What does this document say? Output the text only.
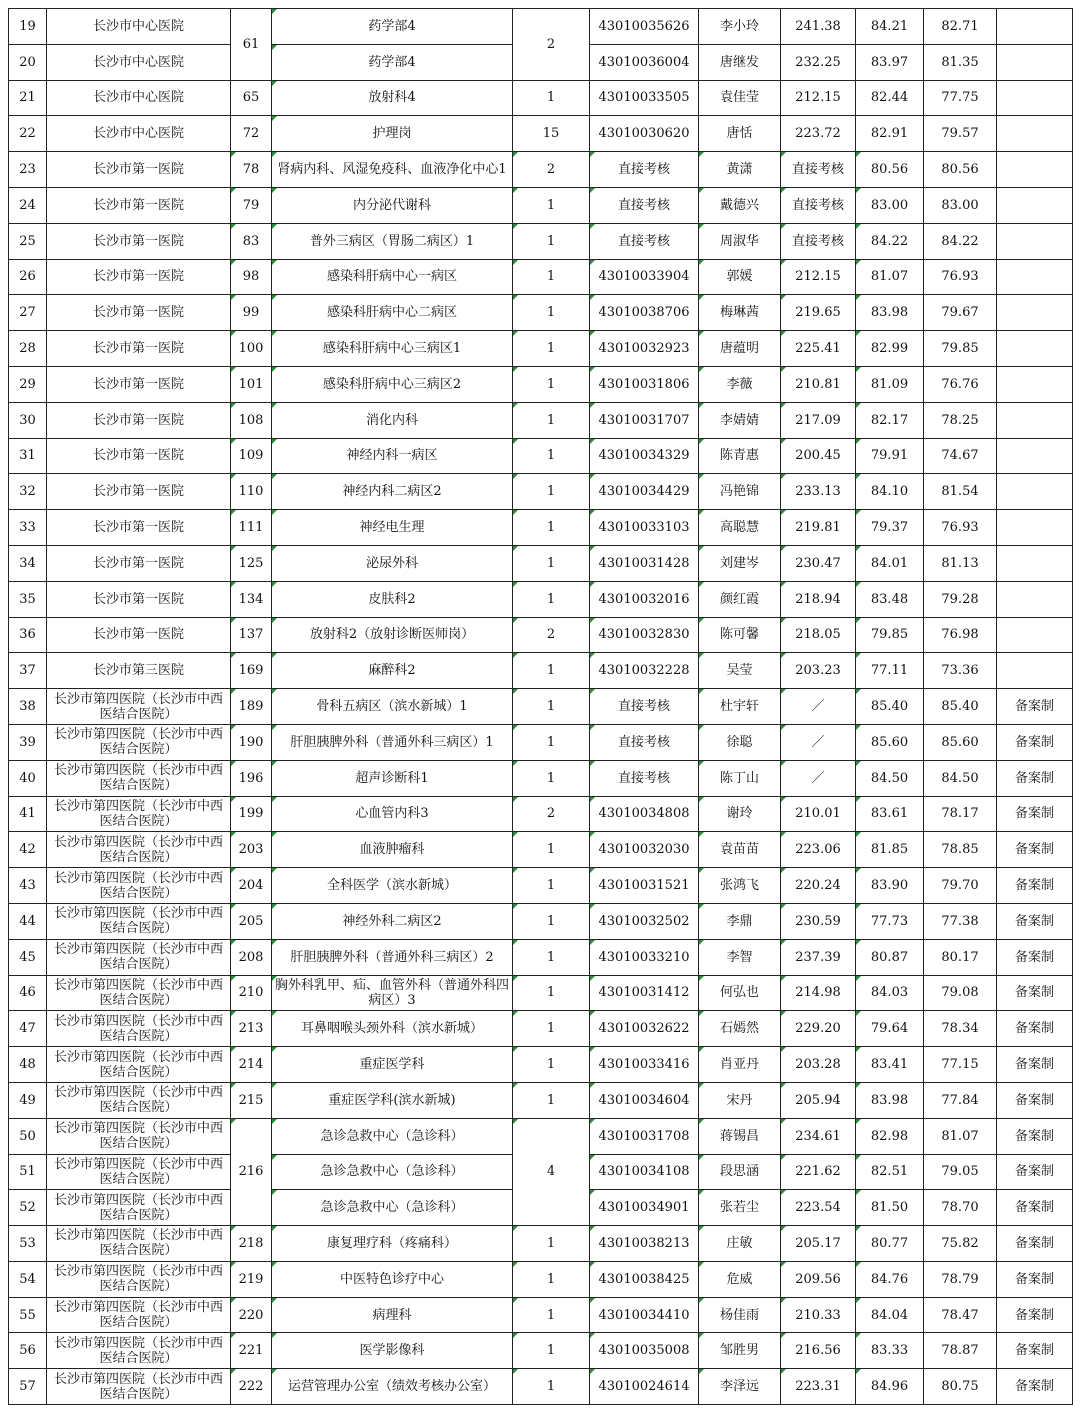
19	长沙市中心医院	61	药学部4	2	43010035626	李小玲	241.38	84.21	82.71	
20	长沙市中心医院		药学部4		43010036004	唐继发	232.25	83.97	81.35	
21	长沙市中心医院	65	放射科4	1	43010033505	袁佳莹	212.15	82.44	77.75	
22	长沙市中心医院	72	护理岗	15	43010030620	唐恬	223.72	82.91	79.57	
23	长沙市第一医院	78	肾病内科、风湿免疫科、血液净化中心1	2	直接考核	黄潇	直接考核	80.56	80.56	
24	长沙市第一医院	79	内分泌代谢科	1	直接考核	戴德兴	直接考核	83.00	83.00	
25	长沙市第一医院	83	普外三病区（胃肠二病区）1	1	直接考核	周淑华	直接考核	84.22	84.22	
26	长沙市第一医院	98	感染科肝病中心一病区	1	43010033904	郭媛	212.15	81.07	76.93	
27	长沙市第一医院	99	感染科肝病中心二病区	1	43010038706	梅琳茜	219.65	83.98	79.67	
28	长沙市第一医院	100	感染科肝病中心三病区1	1	43010032923	唐蕴明	225.41	82.99	79.85	
29	长沙市第一医院	101	感染科肝病中心三病区2	1	43010031806	李薇	210.81	81.09	76.76	
30	长沙市第一医院	108	消化内科	1	43010031707	李婧婧	217.09	82.17	78.25	
31	长沙市第一医院	109	神经内科一病区	1	43010034329	陈青惠	200.45	79.91	74.67	
32	长沙市第一医院	110	神经内科二病区2	1	43010034429	冯艳锦	233.13	84.10	81.54	
33	长沙市第一医院	111	神经电生理	1	43010033103	高聪慧	219.81	79.37	76.93	
34	长沙市第一医院	125	泌尿外科	1	43010031428	刘建岑	230.47	84.01	81.13	
35	长沙市第一医院	134	皮肤科2	1	43010032016	颜红霞	218.94	83.48	79.28	
36	长沙市第一医院	137	放射科2（放射诊断医师岗）	2	43010032830	陈可馨	218.05	79.85	76.98	
37	长沙市第三医院	169	麻醉科2	1	43010032228	吴莹	203.23	77.11	73.36	
38	长沙市第四医院（长沙市中西医结合医院）	189	骨科五病区（滨水新城）1	1	直接考核	杜宇轩	／	85.40	85.40	备案制
39	长沙市第四医院（长沙市中西医结合医院）	190	肝胆胰脾外科（普通外科三病区）1	1	直接考核	徐聪	／	85.60	85.60	备案制
40	长沙市第四医院（长沙市中西医结合医院）	196	超声诊断科1	1	直接考核	陈丁山	／	84.50	84.50	备案制
41	长沙市第四医院（长沙市中西医结合医院）	199	心血管内科3	2	43010034808	谢玲	210.01	83.61	78.17	备案制
42	长沙市第四医院（长沙市中西医结合医院）	203	血液肿瘤科	1	43010032030	袁苗苗	223.06	81.85	78.85	备案制
43	长沙市第四医院（长沙市中西医结合医院）	204	全科医学（滨水新城）	1	43010031521	张鸿飞	220.24	83.90	79.70	备案制
44	长沙市第四医院（长沙市中西医结合医院）	205	神经外科二病区2	1	43010032502	李鼎	230.59	77.73	77.38	备案制
45	长沙市第四医院（长沙市中西医结合医院）	208	肝胆胰脾外科（普通外科三病区）2	1	43010033210	李智	237.39	80.87	80.17	备案制
46	长沙市第四医院（长沙市中西医结合医院）	210	胸外科乳甲、疝、血管外科（普通外科四病区）3	1	43010031412	何弘也	214.98	84.03	79.08	备案制
47	长沙市第四医院（长沙市中西医结合医院）	213	耳鼻咽喉头颈外科（滨水新城）	1	43010032622	石嫣然	229.20	79.64	78.34	备案制
48	长沙市第四医院（长沙市中西医结合医院）	214	重症医学科	1	43010033416	肖亚丹	203.28	83.41	77.15	备案制
49	长沙市第四医院（长沙市中西医结合医院）	215	重症医学科(滨水新城)	1	43010034604	宋丹	205.94	83.98	77.84	备案制
50	长沙市第四医院（长沙市中西医结合医院）	216	急诊急救中心（急诊科）	4	43010031708	蒋锡昌	234.61	82.98	81.07	备案制
51	长沙市第四医院（长沙市中西医结合医院）		急诊急救中心（急诊科）		43010034108	段思涵	221.62	82.51	79.05	备案制
52	长沙市第四医院（长沙市中西医结合医院）		急诊急救中心（急诊科）		43010034901	张若尘	223.54	81.50	78.70	备案制
53	长沙市第四医院（长沙市中西医结合医院）	218	康复理疗科（疼痛科）	1	43010038213	庄敏	205.17	80.77	75.82	备案制
54	长沙市第四医院（长沙市中西医结合医院）	219	中医特色诊疗中心	1	43010038425	危威	209.56	84.76	78.79	备案制
55	长沙市第四医院（长沙市中西医结合医院）	220	病理科	1	43010034410	杨佳雨	210.33	84.04	78.47	备案制
56	长沙市第四医院（长沙市中西医结合医院）	221	医学影像科	1	43010035008	邹胜男	216.56	83.33	78.87	备案制
57	长沙市第四医院（长沙市中西医结合医院）	222	运营管理办公室（绩效考核办公室）	1	43010024614	李泽远	223.31	84.96	80.75	备案制
